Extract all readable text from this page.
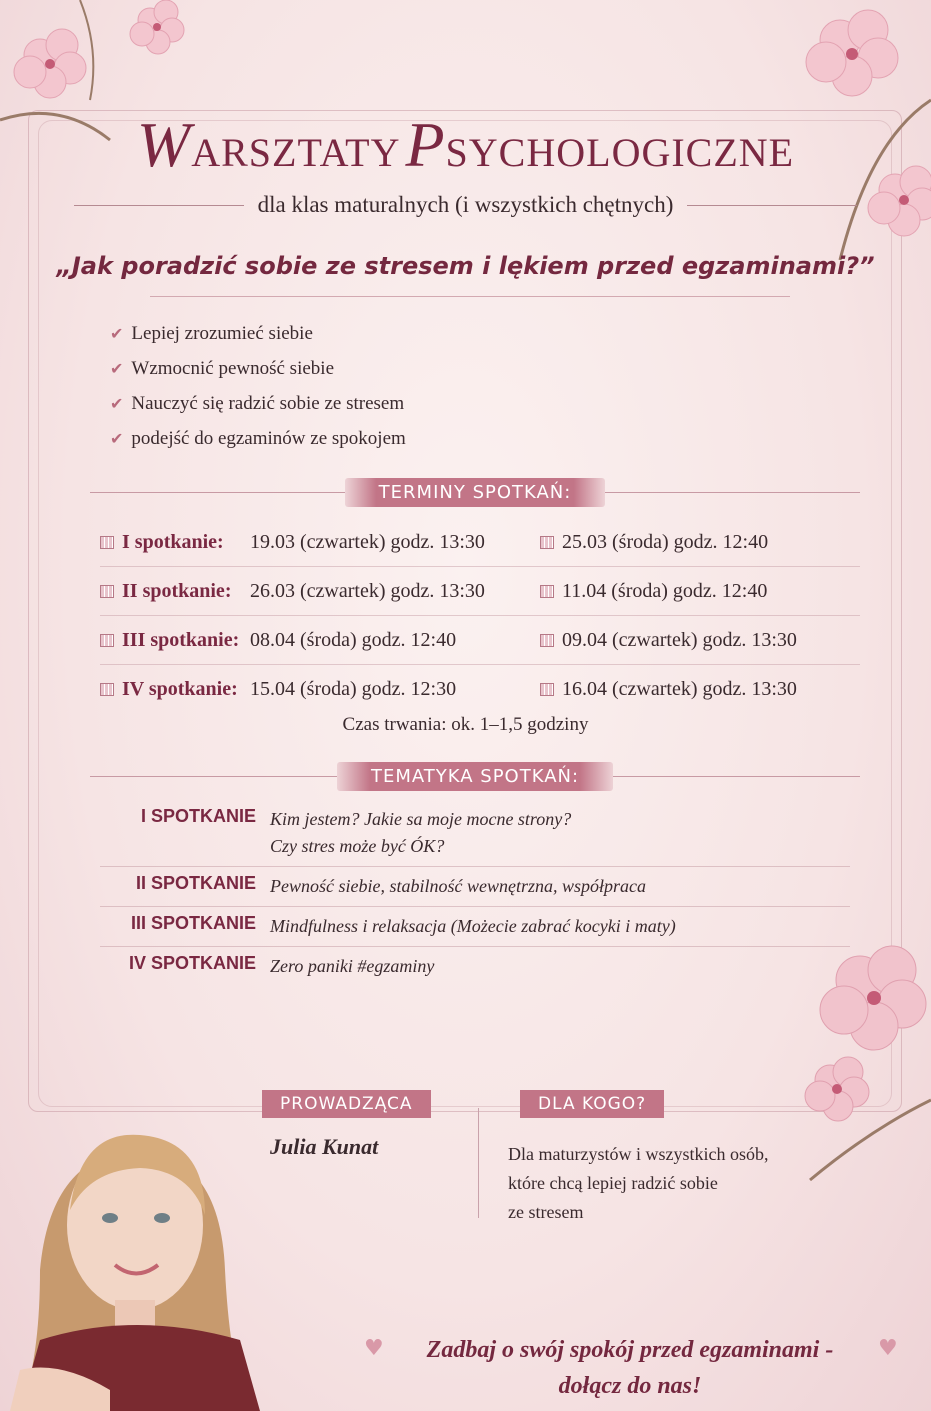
WARSZTATY PSYCHOLOGICZNE
dla klas maturalnych (i wszystkich chętnych)
„Jak poradzić sobie ze stresem i lękiem przed egzaminami?”
✔ Lepiej zrozumieć siebie
✔ Wzmocnić pewność siebie
✔ Nauczyć się radzić sobie ze stresem
✔ podejść do egzaminów ze spokojem
TERMINY SPOTKAŃ:
I spotkanie: 19.03 (czwartek) godz. 13:30	25.03 (środa) godz. 12:40
II spotkanie: 26.03 (czwartek) godz. 13:30	11.04 (środa) godz. 12:40
III spotkanie: 08.04 (środa) godz. 12:40	09.04 (czwartek) godz. 13:30
IV spotkanie: 15.04 (środa) godz. 12:30	16.04 (czwartek) godz. 13:30
Czas trwania: ok. 1–1,5 godziny
TEMATYKA SPOTKAŃ:
I SPOTKANIE Kim jestem? Jakie sa moje mocne strony?
Czy stres może być ÓK?
II SPOTKANIE Pewność siebie, stabilność wewnętrzna, współpraca
III SPOTKANIE Mindfulness i relaksacja (Możecie zabrać kocyki i maty)
IV SPOTKANIE Zero paniki #egzaminy
PROWADZĄCA
Julia Kunat
DLA KOGO?
Dla maturzystów i wszystkich osób,
które chcą lepiej radzić sobie
ze stresem
♥	♥
Zadbaj o swój spokój przed egzaminami -
dołącz do nas!
